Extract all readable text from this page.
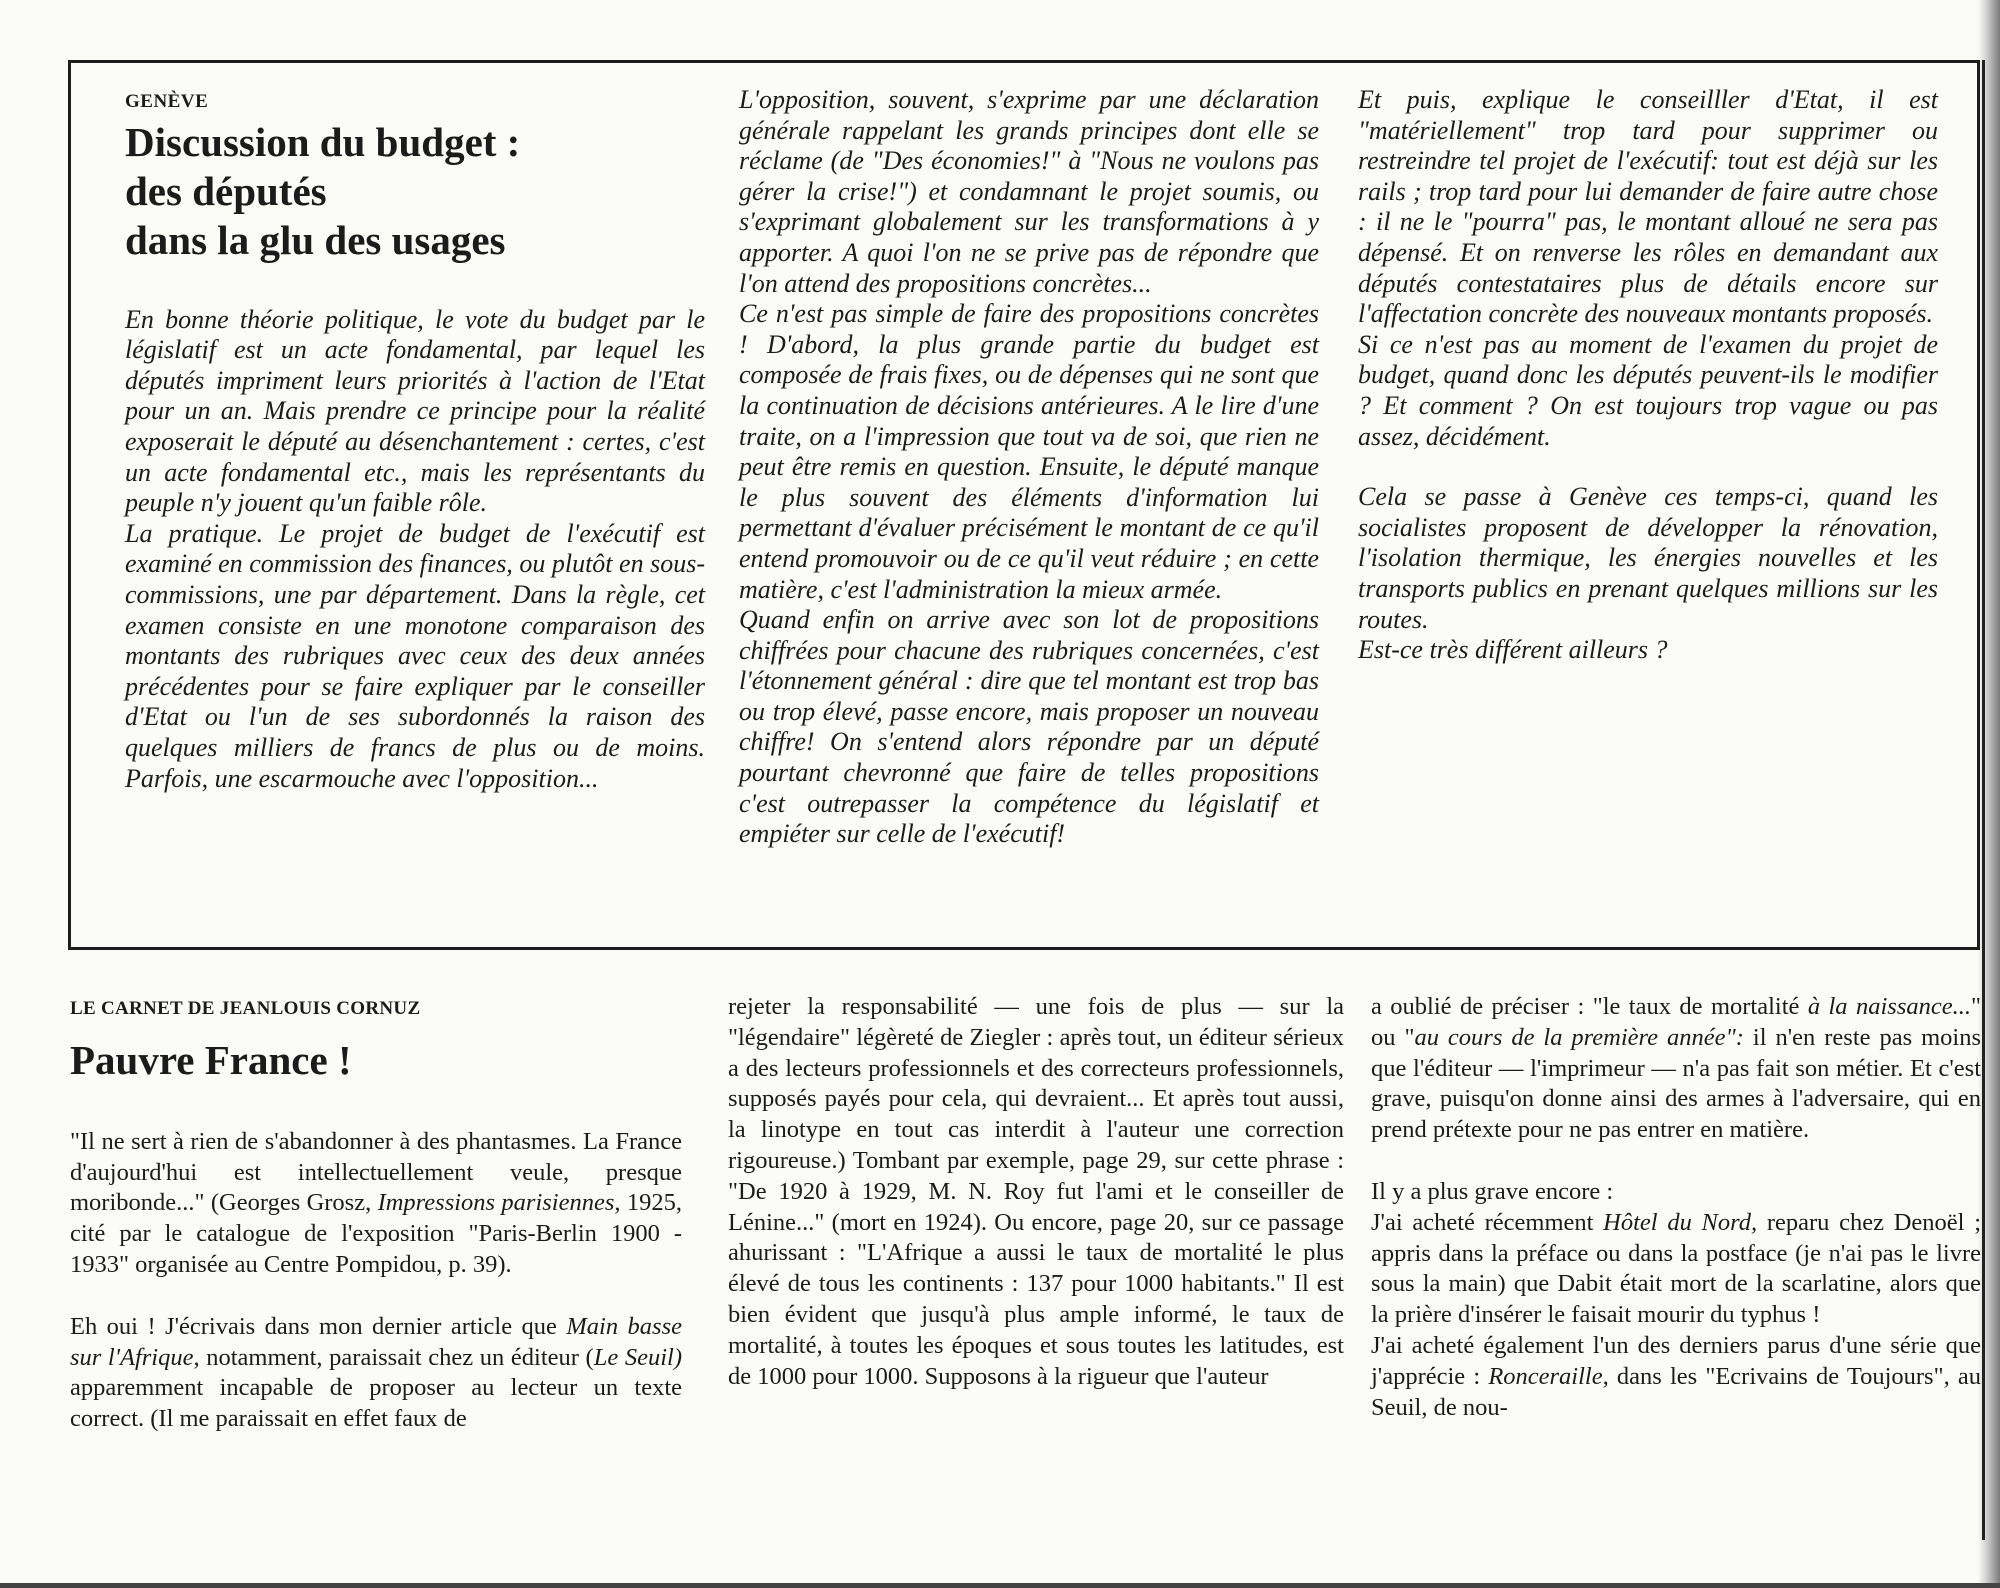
GENÈVE

Discussion du budget :
des députés
dans la glu des usages

En bonne théorie politique, le vote du budget par le législatif est un acte fondamental, par lequel les députés impriment leurs priorités à l'action de l'Etat pour un an. Mais prendre ce principe pour la réalité exposerait le député au désenchantement : certes, c'est un acte fondamental etc., mais les représentants du peuple n'y jouent qu'un faible rôle.

La pratique. Le projet de budget de l'exécutif est examiné en commission des finances, ou plutôt en sous-commissions, une par département. Dans la règle, cet examen consiste en une monotone comparaison des montants des rubriques avec ceux des deux années précédentes pour se faire expliquer par le conseiller d'Etat ou l'un de ses subordonnés la raison des quelques milliers de francs de plus ou de moins. Parfois, une escarmouche avec l'opposition...

L'opposition, souvent, s'exprime par une déclaration générale rappelant les grands principes dont elle se réclame (de "Des économies!" à "Nous ne voulons pas gérer la crise!") et condamnant le projet soumis, ou s'exprimant globalement sur les transformations à y apporter. A quoi l'on ne se prive pas de répondre que l'on attend des propositions concrètes...

Ce n'est pas simple de faire des propositions concrètes ! D'abord, la plus grande partie du budget est composée de frais fixes, ou de dépenses qui ne sont que la continuation de décisions antérieures. A le lire d'une traite, on a l'impression que tout va de soi, que rien ne peut être remis en question. Ensuite, le député manque le plus souvent des éléments d'information lui permettant d'évaluer précisément le montant de ce qu'il entend promouvoir ou de ce qu'il veut réduire ; en cette matière, c'est l'administration la mieux armée.

Quand enfin on arrive avec son lot de propositions chiffrées pour chacune des rubriques concernées, c'est l'étonnement général : dire que tel montant est trop bas ou trop élevé, passe encore, mais proposer un nouveau chiffre! On s'entend alors répondre par un député pourtant chevronné que faire de telles propositions c'est outrepasser la compétence du législatif et empiéter sur celle de l'exécutif!

Et puis, explique le conseilller d'Etat, il est "matériellement" trop tard pour supprimer ou restreindre tel projet de l'exécutif: tout est déjà sur les rails ; trop tard pour lui demander de faire autre chose : il ne le "pourra" pas, le montant alloué ne sera pas dépensé. Et on renverse les rôles en demandant aux députés contestataires plus de détails encore sur l'affectation concrète des nouveaux montants proposés.

Si ce n'est pas au moment de l'examen du projet de budget, quand donc les députés peuvent-ils le modifier ? Et comment ? On est toujours trop vague ou pas assez, décidément.

Cela se passe à Genève ces temps-ci, quand les socialistes proposent de développer la rénovation, l'isolation thermique, les énergies nouvelles et les transports publics en prenant quelques millions sur les routes.

Est-ce très différent ailleurs ?

LE CARNET DE JEANLOUIS CORNUZ

Pauvre France !

"Il ne sert à rien de s'abandonner à des phantasmes. La France d'aujourd'hui est intellectuellement veule, presque moribonde..." (Georges Grosz, Impressions parisiennes, 1925, cité par le catalogue de l'exposition "Paris-Berlin 1900 - 1933" organisée au Centre Pompidou, p. 39).

Eh oui ! J'écrivais dans mon dernier article que Main basse sur l'Afrique, notamment, paraissait chez un éditeur (Le Seuil) apparemment incapable de proposer au lecteur un texte correct. (Il me paraissait en effet faux de

rejeter la responsabilité — une fois de plus — sur la "légendaire" légèreté de Ziegler : après tout, un éditeur sérieux a des lecteurs professionnels et des correcteurs professionnels, supposés payés pour cela, qui devraient... Et après tout aussi, la linotype en tout cas interdit à l'auteur une correction rigoureuse.) Tombant par exemple, page 29, sur cette phrase : "De 1920 à 1929, M. N. Roy fut l'ami et le conseiller de Lénine..." (mort en 1924). Ou encore, page 20, sur ce passage ahurissant : "L'Afrique a aussi le taux de mortalité le plus élevé de tous les continents : 137 pour 1000 habitants." Il est bien évident que jusqu'à plus ample informé, le taux de mortalité, à toutes les époques et sous toutes les latitudes, est de 1000 pour 1000. Supposons à la rigueur que l'auteur

a oublié de préciser : "le taux de mortalité à la naissance..." ou "au cours de la première année": il n'en reste pas moins que l'éditeur — l'imprimeur — n'a pas fait son métier. Et c'est grave, puisqu'on donne ainsi des armes à l'adversaire, qui en prend prétexte pour ne pas entrer en matière.

Il y a plus grave encore :

J'ai acheté récemment Hôtel du Nord, reparu chez Denoël ; appris dans la préface ou dans la postface (je n'ai pas le livre sous la main) que Dabit était mort de la scarlatine, alors que la prière d'insérer le faisait mourir du typhus !

J'ai acheté également l'un des derniers parus d'une série que j'apprécie : Ronceraille, dans les "Ecrivains de Toujours", au Seuil, de nou-
